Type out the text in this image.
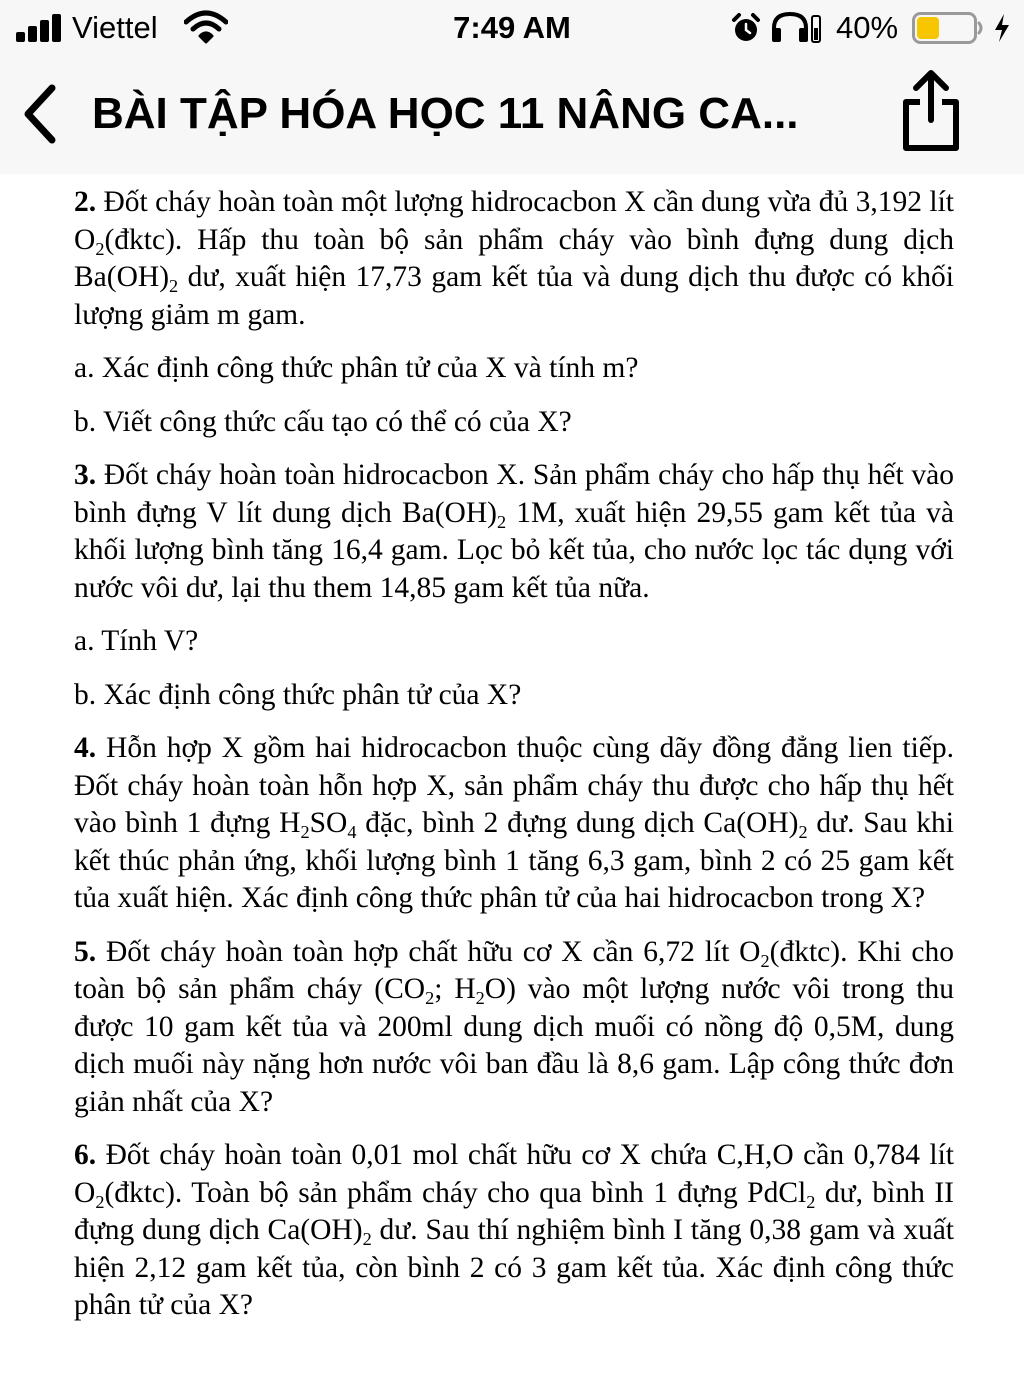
Viettel	7:49 AM	40%
BÀI TẬP HÓA HỌC 11 NÂNG CA...

2. Đốt cháy hoàn toàn một lượng hidrocacbon X cần dung vừa đủ 3,192 lít $O_2(đktc)$. Hấp thu toàn bộ sản phẩm cháy vào bình đựng dung dịch $Ba(OH)_2$ dư, xuất hiện 17,73 gam kết tủa và dung dịch thu được có khối lượng giảm m gam.

a. Xác định công thức phân tử của X và tính m?

b. Viết công thức cấu tạo có thể có của X?

3. Đốt cháy hoàn toàn hidrocacbon X. Sản phẩm cháy cho hấp thụ hết vào bình đựng V lít dung dịch $Ba(OH)_2$ 1M, xuất hiện 29,55 gam kết tủa và khối lượng bình tăng 16,4 gam. Lọc bỏ kết tủa, cho nước lọc tác dụng với nước vôi dư, lại thu them 14,85 gam kết tủa nữa.

a. Tính V?

b. Xác định công thức phân tử của X?

4. Hỗn hợp X gồm hai hidrocacbon thuộc cùng dãy đồng đẳng lien tiếp. Đốt cháy hoàn toàn hỗn hợp X, sản phẩm cháy thu được cho hấp thụ hết vào bình 1 đựng $H_2SO_4$ đặc, bình 2 đựng dung dịch $Ca(OH)_2$ dư. Sau khi kết thúc phản ứng, khối lượng bình 1 tăng 6,3 gam, bình 2 có 25 gam kết tủa xuất hiện. Xác định công thức phân tử của hai hidrocacbon trong X?

5. Đốt cháy hoàn toàn hợp chất hữu cơ X cần 6,72 lít $O_2(đktc)$. Khi cho toàn bộ sản phẩm cháy ($CO_2$; $H_2O$) vào một lượng nước vôi trong thu được 10 gam kết tủa và 200ml dung dịch muối có nồng độ 0,5M, dung dịch muối này nặng hơn nước vôi ban đầu là 8,6 gam. Lập công thức đơn giản nhất của X?

6. Đốt cháy hoàn toàn 0,01 mol chất hữu cơ X chứa C,H,O cần 0,784 lít $O_2(đktc)$. Toàn bộ sản phẩm cháy cho qua bình 1 đựng PdCl$_2$ dư, bình II đựng dung dịch $Ca(OH)_2$ dư. Sau thí nghiệm bình I tăng 0,38 gam và xuất hiện 2,12 gam kết tủa, còn bình 2 có 3 gam kết tủa. Xác định công thức phân tử của X?
